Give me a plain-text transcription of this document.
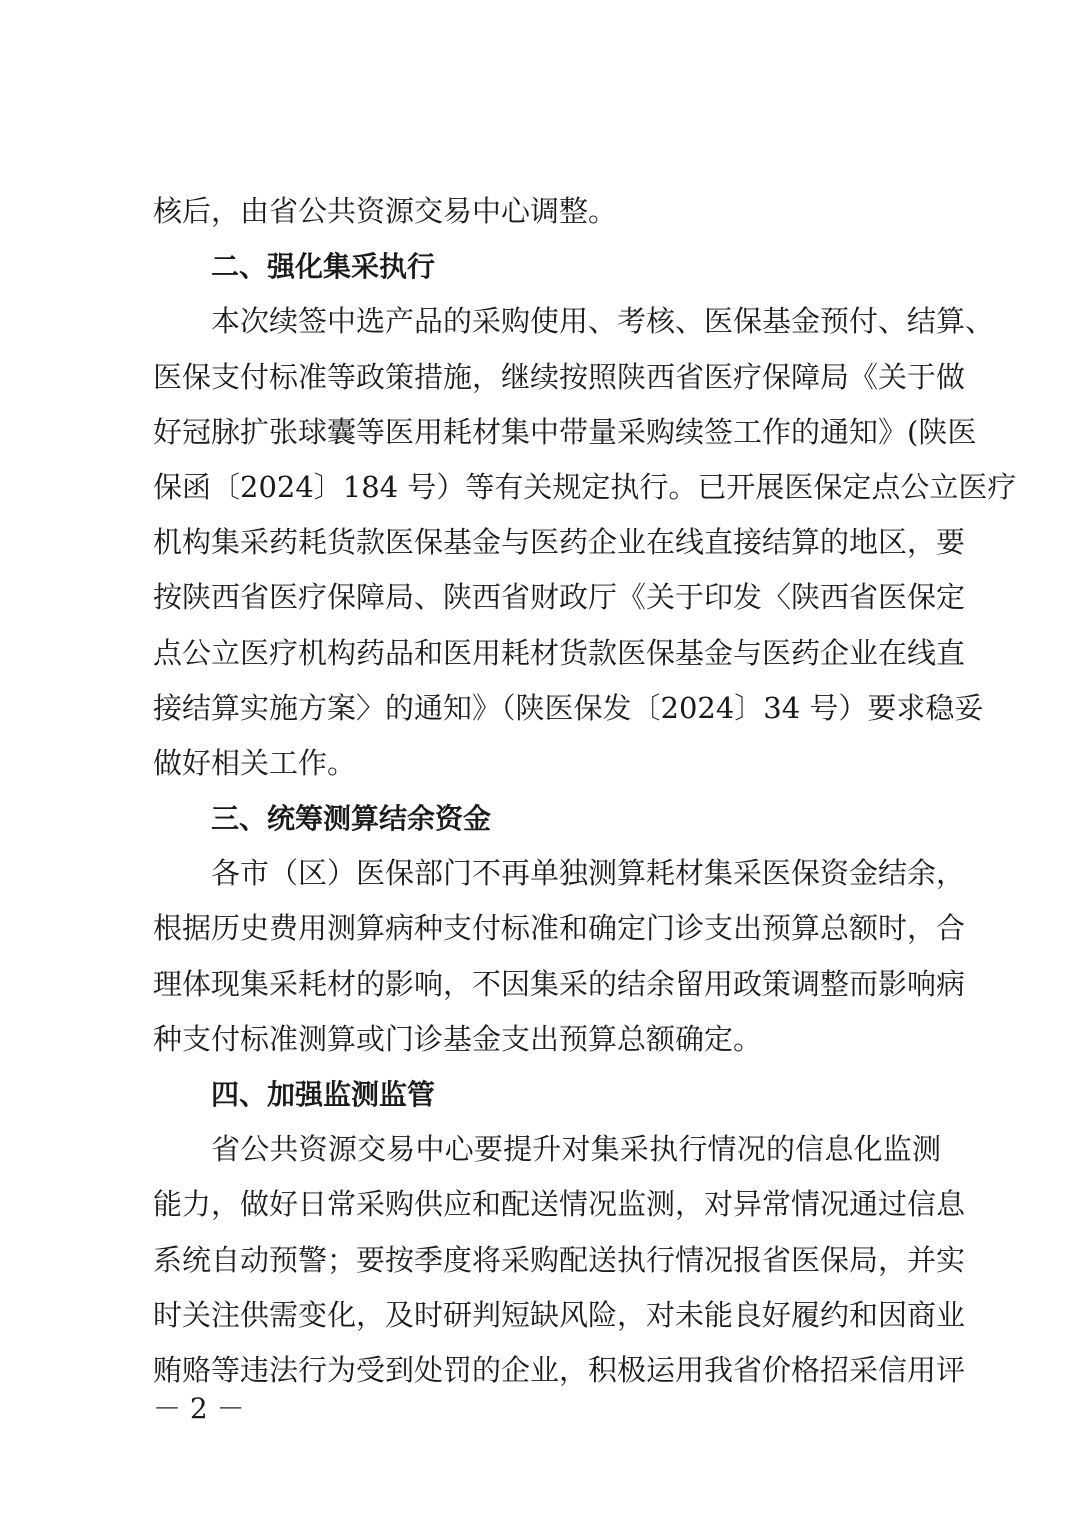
核后，由省公共资源交易中心调整。
二、强化集采执行
本次续签中选产品的采购使用、考核、医保基金预付、结算、
医保支付标准等政策措施，继续按照陕西省医疗保障局《关于做
好冠脉扩张球囊等医用耗材集中带量采购续签工作的通知》(陕医
保函〔2024〕184 号）等有关规定执行。已开展医保定点公立医疗
机构集采药耗货款医保基金与医药企业在线直接结算的地区，要
按陕西省医疗保障局、陕西省财政厅《关于印发〈陕西省医保定
点公立医疗机构药品和医用耗材货款医保基金与医药企业在线直
接结算实施方案〉的通知》（陕医保发〔2024〕34 号）要求稳妥
做好相关工作。
三、统筹测算结余资金
各市（区）医保部门不再单独测算耗材集采医保资金结余，
根据历史费用测算病种支付标准和确定门诊支出预算总额时，合
理体现集采耗材的影响，不因集采的结余留用政策调整而影响病
种支付标准测算或门诊基金支出预算总额确定。
四、加强监测监管
省公共资源交易中心要提升对集采执行情况的信息化监测
能力，做好日常采购供应和配送情况监测，对异常情况通过信息
系统自动预警；要按季度将采购配送执行情况报省医保局，并实
时关注供需变化，及时研判短缺风险，对未能良好履约和因商业
贿赂等违法行为受到处罚的企业，积极运用我省价格招采信用评
－ 2 －
